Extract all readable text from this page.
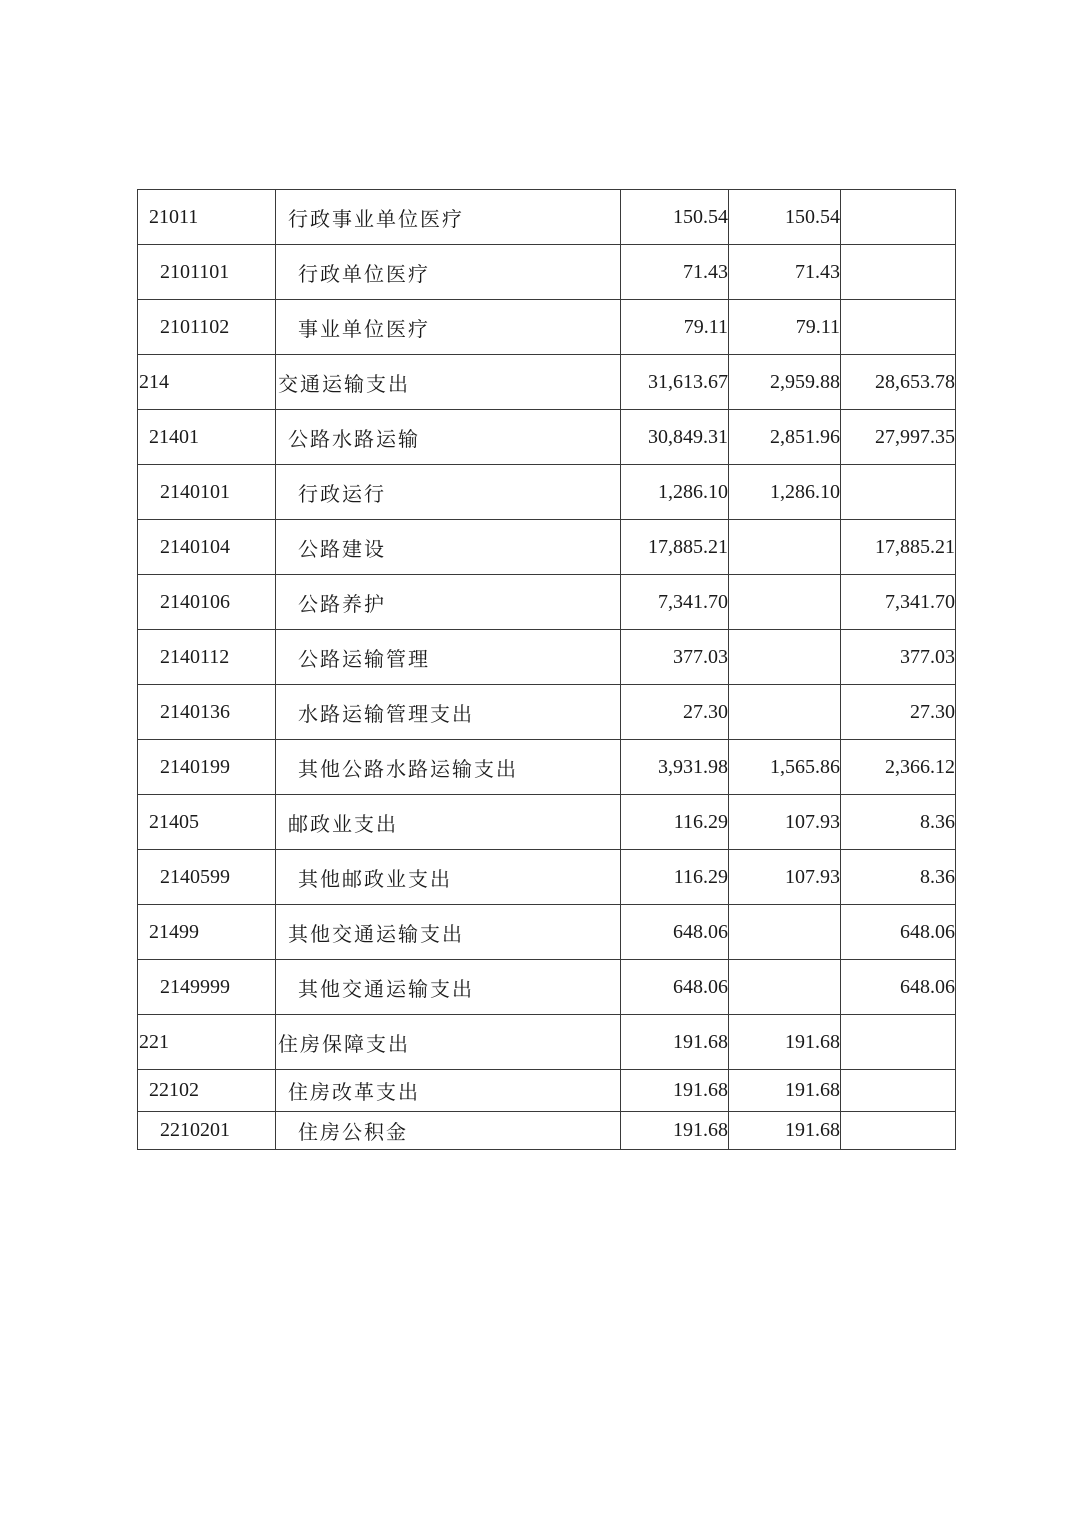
21011	行政事业单位医疗	150.54	150.54	
2101101	行政单位医疗	71.43	71.43	
2101102	事业单位医疗	79.11	79.11	
214	交通运输支出	31,613.67	2,959.88	28,653.78
21401	公路水路运输	30,849.31	2,851.96	27,997.35
2140101	行政运行	1,286.10	1,286.10	
2140104	公路建设	17,885.21		17,885.21
2140106	公路养护	7,341.70		7,341.70
2140112	公路运输管理	377.03		377.03
2140136	水路运输管理支出	27.30		27.30
2140199	其他公路水路运输支出	3,931.98	1,565.86	2,366.12
21405	邮政业支出	116.29	107.93	8.36
2140599	其他邮政业支出	116.29	107.93	8.36
21499	其他交通运输支出	648.06		648.06
2149999	其他交通运输支出	648.06		648.06
221	住房保障支出	191.68	191.68	
22102	住房改革支出	191.68	191.68	
2210201	住房公积金	191.68	191.68	
